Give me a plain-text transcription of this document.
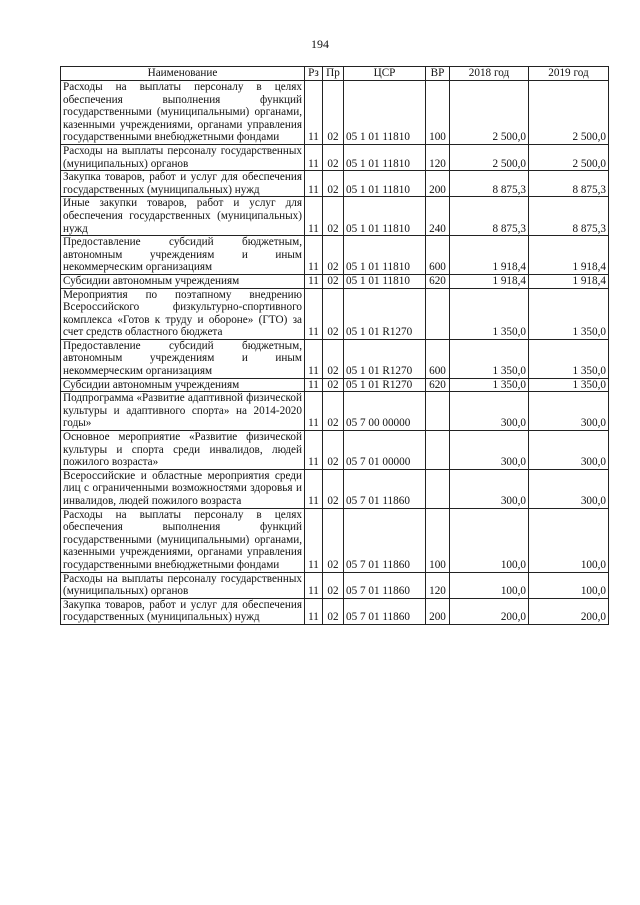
194
Наименование	Рз	Пр	ЦСР	ВР	2018 год	2019 год
Расходы на выплаты персоналу в целях обеспечения выполнения функций государственными (муниципальными) органами, казенными учреждениями, органами управления государственными внебюджетными фондами	11	02	05 1 01 11810	100	2 500,0	2 500,0
Расходы на выплаты персоналу государственных (муниципальных) органов	11	02	05 1 01 11810	120	2 500,0	2 500,0
Закупка товаров, работ и услуг для обеспечения государственных (муниципальных) нужд	11	02	05 1 01 11810	200	8 875,3	8 875,3
Иные закупки товаров, работ и услуг для обеспечения государственных (муниципальных) нужд	11	02	05 1 01 11810	240	8 875,3	8 875,3
Предоставление субсидий бюджетным, автономным учреждениям и иным некоммерческим организациям	11	02	05 1 01 11810	600	1 918,4	1 918,4
Субсидии автономным учреждениям	11	02	05 1 01 11810	620	1 918,4	1 918,4
Мероприятия по поэтапному внедрению Всероссийского физкультурно-спортивного комплекса «Готов к труду и обороне» (ГТО) за счет средств областного бюджета	11	02	05 1 01 R1270		1 350,0	1 350,0
Предоставление субсидий бюджетным, автономным учреждениям и иным некоммерческим организациям	11	02	05 1 01 R1270	600	1 350,0	1 350,0
Субсидии автономным учреждениям	11	02	05 1 01 R1270	620	1 350,0	1 350,0
Подпрограмма «Развитие адаптивной физической культуры и адаптивного спорта» на 2014-2020 годы»	11	02	05 7 00 00000		300,0	300,0
Основное мероприятие «Развитие физической культуры и спорта среди инвалидов, людей пожилого возраста»	11	02	05 7 01 00000		300,0	300,0
Всероссийские и областные мероприятия среди лиц с ограниченными возможностями здоровья и инвалидов, людей пожилого возраста	11	02	05 7 01 11860		300,0	300,0
Расходы на выплаты персоналу в целях обеспечения выполнения функций государственными (муниципальными) органами, казенными учреждениями, органами управления государственными внебюджетными фондами	11	02	05 7 01 11860	100	100,0	100,0
Расходы на выплаты персоналу государственных (муниципальных) органов	11	02	05 7 01 11860	120	100,0	100,0
Закупка товаров, работ и услуг для обеспечения государственных (муниципальных) нужд	11	02	05 7 01 11860	200	200,0	200,0
